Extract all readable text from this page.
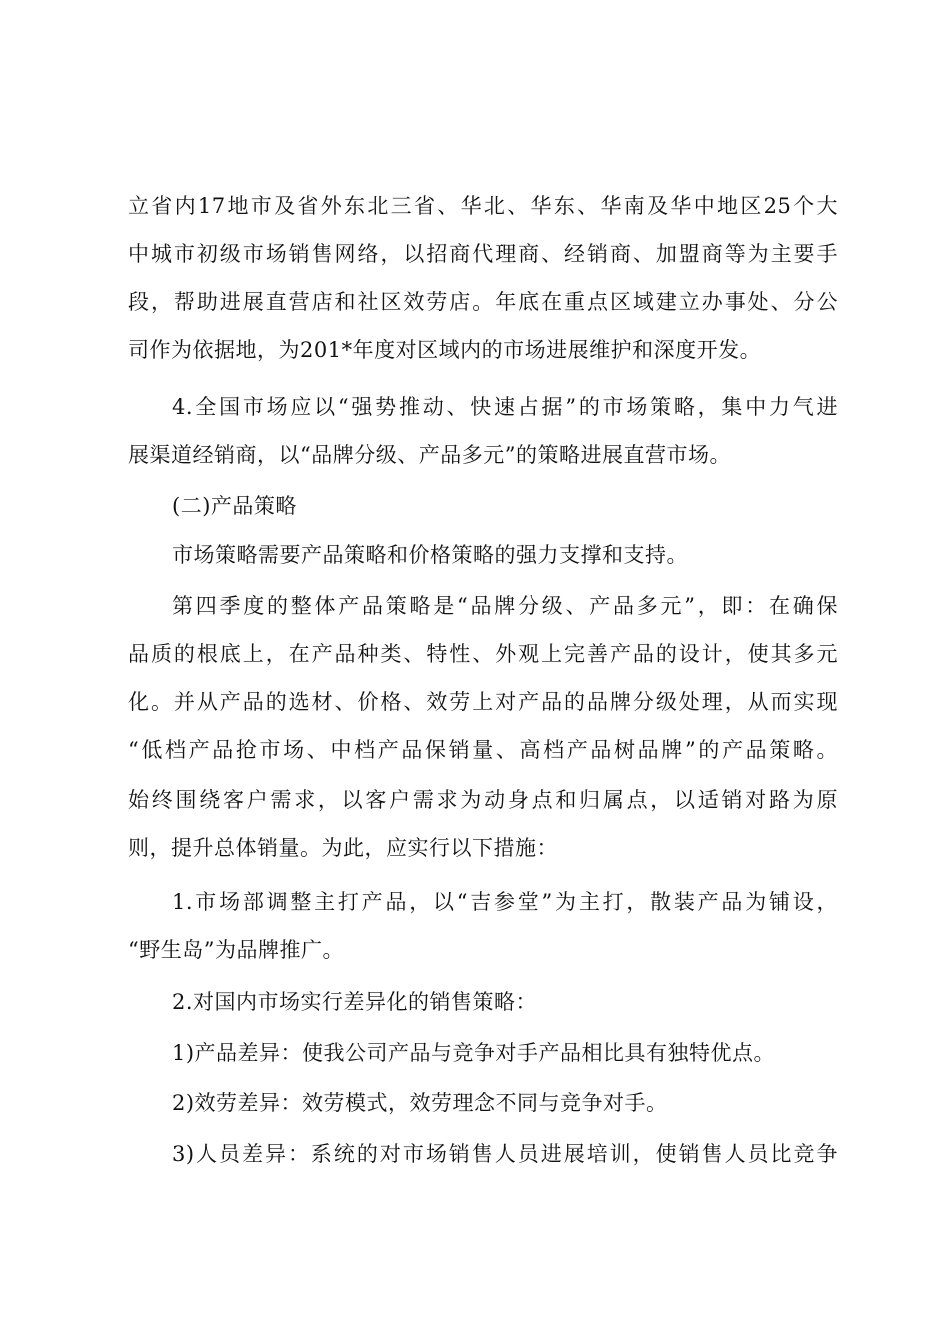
立省内17地市及省外东北三省、华北、华东、华南及华中地区25个大
中城市初级市场销售网络，以招商代理商、经销商、加盟商等为主要手
段，帮助进展直营店和社区效劳店。年底在重点区域建立办事处、分公
司作为依据地，为201*年度对区域内的市场进展维护和深度开发。
4.全国市场应以“强势推动、快速占据”的市场策略，集中力气进
展渠道经销商，以“品牌分级、产品多元”的策略进展直营市场。
(二)产品策略
市场策略需要产品策略和价格策略的强力支撑和支持。
第四季度的整体产品策略是“品牌分级、产品多元”，即：在确保
品质的根底上，在产品种类、特性、外观上完善产品的设计，使其多元
化。并从产品的选材、价格、效劳上对产品的品牌分级处理，从而实现
“低档产品抢市场、中档产品保销量、高档产品树品牌”的产品策略。
始终围绕客户需求，以客户需求为动身点和归属点，以适销对路为原
则，提升总体销量。为此，应实行以下措施：
1.市场部调整主打产品，以“吉参堂”为主打，散装产品为铺设，
“野生岛”为品牌推广。
2.对国内市场实行差异化的销售策略：
1)产品差异：使我公司产品与竞争对手产品相比具有独特优点。
2)效劳差异：效劳模式，效劳理念不同与竞争对手。
3)人员差异：系统的对市场销售人员进展培训，使销售人员比竞争
